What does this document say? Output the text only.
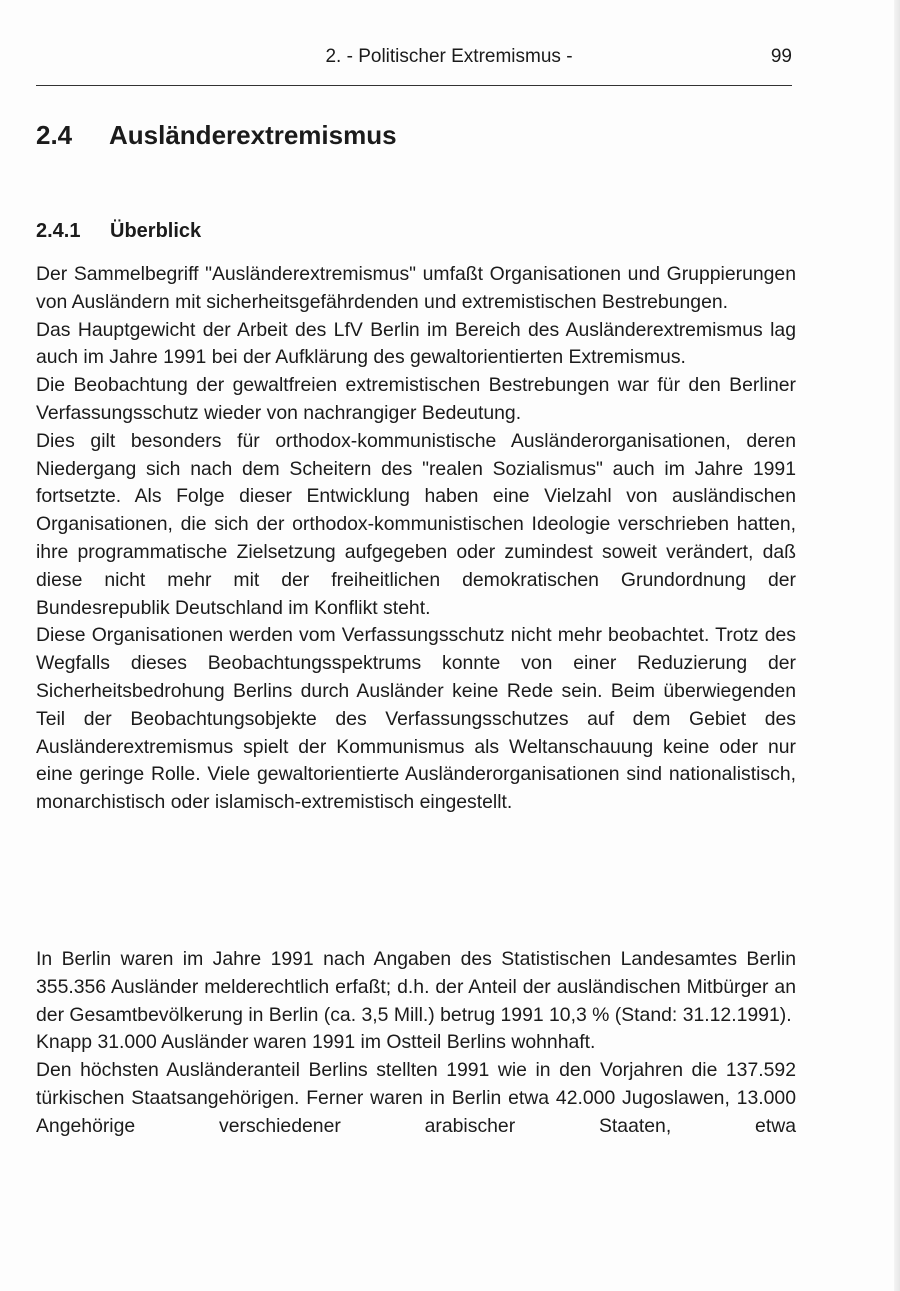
2. - Politischer Extremismus -	99
2.4 Ausländerextremismus
2.4.1 Überblick

Der Sammelbegriff "Ausländerextremismus" umfaßt Organisationen und Gruppierungen von Ausländern mit sicherheitsgefährdenden und extremistischen Bestrebungen.

Das Hauptgewicht der Arbeit des LfV Berlin im Bereich des Ausländerextremismus lag auch im Jahre 1991 bei der Aufklärung des gewaltorientierten Extremismus.

Die Beobachtung der gewaltfreien extremistischen Bestrebungen war für den Berliner Verfassungsschutz wieder von nachrangiger Bedeutung.

Dies gilt besonders für orthodox-kommunistische Ausländerorganisationen, deren Niedergang sich nach dem Scheitern des "realen Sozialismus" auch im Jahre 1991 fortsetzte. Als Folge dieser Entwicklung haben eine Vielzahl von ausländischen Organisationen, die sich der orthodox-kommunistischen Ideologie verschrieben hatten, ihre programmatische Zielsetzung aufgegeben oder zumindest soweit verändert, daß diese nicht mehr mit der freiheitlichen demokratischen Grundordnung der Bundesrepublik Deutschland im Konflikt steht.

Diese Organisationen werden vom Verfassungsschutz nicht mehr beobachtet. Trotz des Wegfalls dieses Beobachtungsspektrums konnte von einer Reduzierung der Sicherheitsbedrohung Berlins durch Ausländer keine Rede sein. Beim überwiegenden Teil der Beobachtungsobjekte des Verfassungsschutzes auf dem Gebiet des Ausländerextremismus spielt der Kommunismus als Weltanschauung keine oder nur eine geringe Rolle. Viele gewaltorientierte Ausländerorganisationen sind nationalistisch, monarchistisch oder islamisch-extremistisch eingestellt.

In Berlin waren im Jahre 1991 nach Angaben des Statistischen Landesamtes Berlin 355.356 Ausländer melderechtlich erfaßt; d.h. der Anteil der ausländischen Mitbürger an der Gesamtbevölkerung in Berlin (ca. 3,5 Mill.) betrug 1991 10,3 % (Stand: 31.12.1991).

Knapp 31.000 Ausländer waren 1991 im Ostteil Berlins wohnhaft.

Den höchsten Ausländeranteil Berlins stellten 1991 wie in den Vorjahren die 137.592 türkischen Staatsangehörigen. Ferner waren in Berlin etwa 42.000 Jugoslawen, 13.000 Angehörige verschiedener arabischer Staaten, etwa
